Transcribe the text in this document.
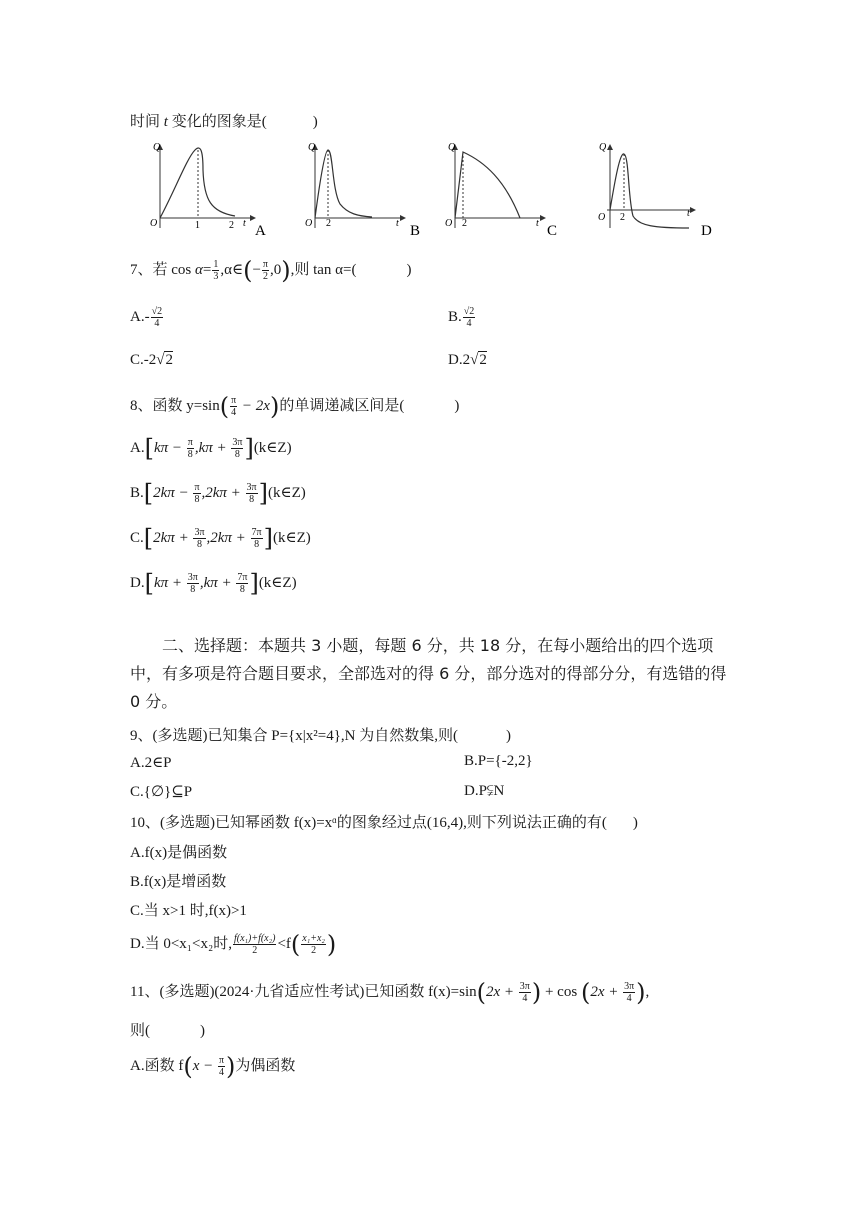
时间 t 变化的图象是(	)
Q
O	1	2 t A
Q
O 2	t B
Q
O 2	t C
Q
O 2	t
D
7、若 $\cos \alpha= \frac{1}{3}$ ,α∈(− $\frac{\pi}{2} ,0$),则 tan α=(	)
$A.- \frac{√2}{4}$	B. $\frac{√2}{4}$
C.-2√2	D.2√2
8、函数 $y=\sin( \frac{\pi}{4} - 2x)$的单调递减区间是(	)
$A.[k\pi - \frac{\pi}{8} ,k\pi + \frac{3\pi}{8}$ ](k∈Z)
$B.[2k\pi - \frac{\pi}{8} ,2k\pi + \frac{3\pi}{8}$ ](k∈Z)
$C.[2k\pi + \frac{3\pi}{8} ,2k\pi + \frac{7\pi}{8}$ ](k∈Z)
$D.[k\pi + \frac{3\pi}{8} ,k\pi + \frac{7\pi}{8}$ ](k∈Z)
二、选择题：本题共 3 小题，每题 6 分，共 18 分，在每小题给出的四个选项中，有多项是符合题目要求，全部选对的得 6 分，部分选对的得部分分，有选错的得 0 分。
9、(多选题)已知集合 P={x|x²=4},N 为自然数集,则(	)
A.2∈P	B.P={-2,2}
C.{∅}⊆P	D.P⫋N
10、(多选题)已知幂函数 f(x)=xᵅ的图象经过点(16,4),则下列说法正确的有( )
A.f(x)是偶函数
B.f(x)是增函数
C.当 x>1 时,f(x)>1
D.当 0<x₁<x₂时, $\frac{\text{f(x₁)+f(x₂)}}{2} <f( \frac{\text{x₁+x₂}}{2}$ )
11、(多选题)(2024·九省适应性考试)已知函数 $f(x)=\sin(2x + \frac{3\pi}{4}$ ) + $\cos (2x + \frac{3\pi}{4}$ ),
则(	)
A.函数 $f(x - \frac{\pi}{4}$ )为偶函数
